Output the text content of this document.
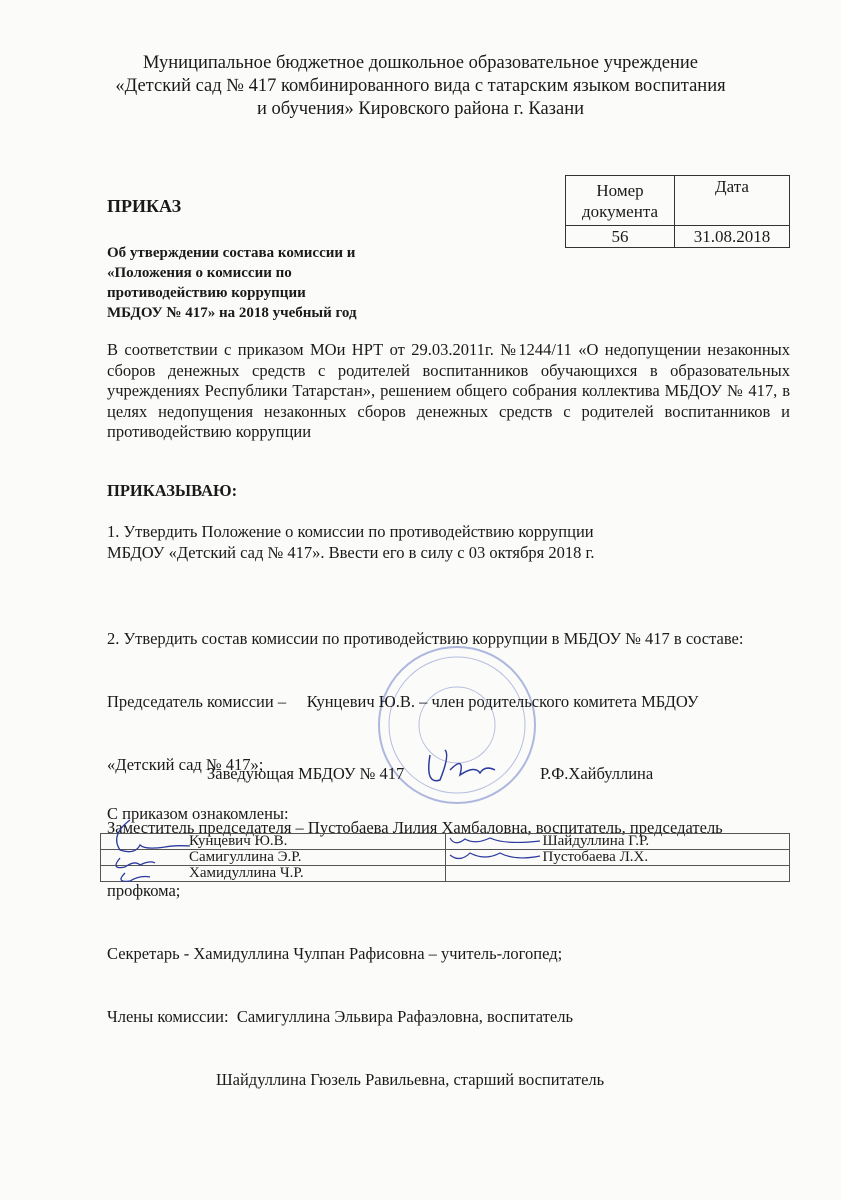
Муниципальное бюджетное дошкольное образовательное учреждение
«Детский сад № 417 комбинированного вида с татарским языком воспитания
и обучения» Кировского района г. Казани
Номер документа	Дата
56	31.08.2018
ПРИКАЗ
Об утверждении состава комиссии и
«Положения о комиссии по
противодействию коррупции
МБДОУ № 417» на 2018 учебный год
В соответствии с приказом МОи НРТ от 29.03.2011г. №1244/11 «О недопущении незаконных сборов денежных средств с родителей воспитанников обучающихся в образовательных учреждениях Республики Татарстан», решением общего собрания коллектива МБДОУ № 417, в целях недопущения незаконных сборов денежных средств с родителей воспитанников и противодействию коррупции
ПРИКАЗЫВАЮ:
1. Утвердить Положение о комиссии по противодействию коррупции
МБДОУ «Детский сад № 417». Ввести его в силу с 03 октября 2018 г.

2. Утвердить состав комиссии по противодействию коррупции в МБДОУ № 417 в составе:

Председатель комиссии –     Кунцевич Ю.В. – член родительского комитета МБДОУ

«Детский сад № 417»;

Заместитель председателя – Пустобаева Лилия Хамбаловна, воспитатель, председатель

профкома;

Секретарь - Хамидуллина Чулпан Рафисовна – учитель-логопед;

Члены комиссии:  Самигуллина Эльвира Рафаэловна, воспитатель

Шайдуллина Гюзель Равильевна, старший воспитатель

Заведующая МБДОУ № 417	Р.Ф.Хайбуллина
С приказом ознакомлены:
Кунцевич Ю.В.	Шайдуллина Г.Р.
Самигуллина Э.Р.	Пустобаева Л.Х.
Хамидуллина Ч.Р.	
